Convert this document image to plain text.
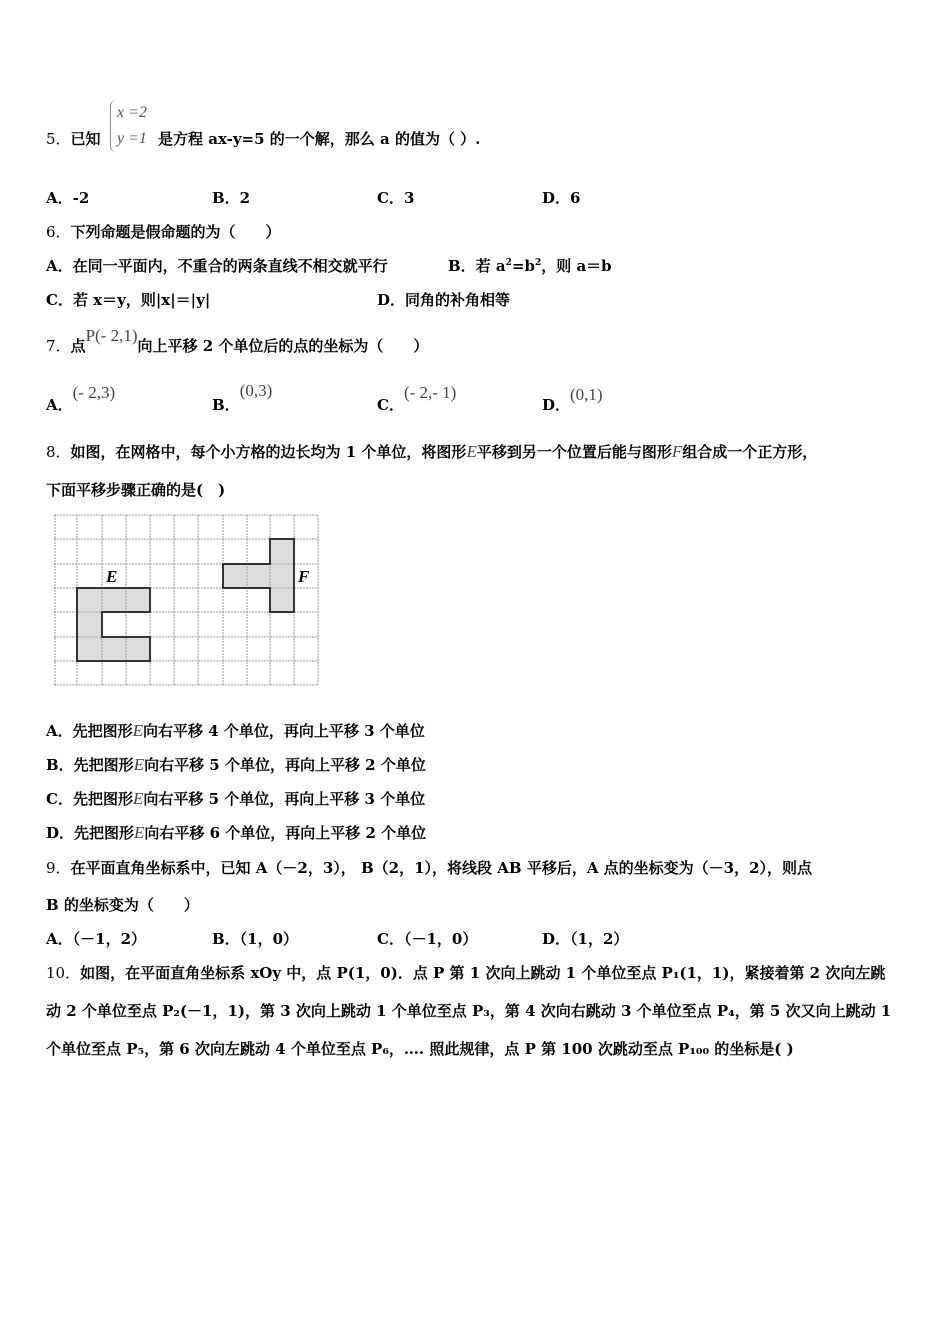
5．已知
x =2
y =1 是方程 ax-y=5 的一个解，那么 a 的值为（ ）.
A．-2	B．2	C．3	D．6
6．下列命题是假命题的为（　　）
A．在同一平面内，不重合的两条直线不相交就平行	B．若 $a^2=b^2$，则 a＝b
C．若 x＝y，则|x|＝|y|	D．同角的补角相等
7．点P(- 2,1)向上平移 2 个单位后的点的坐标为（　　）
A．(- 2,3)
B．(0,3)
C．(- 2,- 1)
D．(0,1)
8．如图，在网格中，每个小方格的边长均为 1 个单位，将图形E平移到另一个位置后能与图形F组合成一个正方形，
下面平移步骤正确的是(　)
E	F
A．先把图形E向右平移 4 个单位，再向上平移 3 个单位
B．先把图形E向右平移 5 个单位，再向上平移 2 个单位
C．先把图形E向右平移 5 个单位，再向上平移 3 个单位
D．先把图形E向右平移 6 个单位，再向上平移 2 个单位
9．在平面直角坐标系中，已知 A（－2，3）， B（2，1），将线段 AB 平移后，A 点的坐标变为（－3，2），则点
B 的坐标变为（　　）
A．（－1，2）	B．（1，0）	C．（－1，0）	D．（1，2）
10．如图，在平面直角坐标系 xOy 中，点 P(1，0)．点 P 第 1 次向上跳动 1 个单位至点 P₁(1，1)，紧接着第 2 次向左跳
动 2 个单位至点 P₂(－1，1)，第 3 次向上跳动 1 个单位至点 P₃，第 4 次向右跳动 3 个单位至点 P₄，第 5 次又向上跳动 1
个单位至点 P₅，第 6 次向左跳动 4 个单位至点 P₆，…. 照此规律，点 P 第 100 次跳动至点 P₁₀₀ 的坐标是( )
